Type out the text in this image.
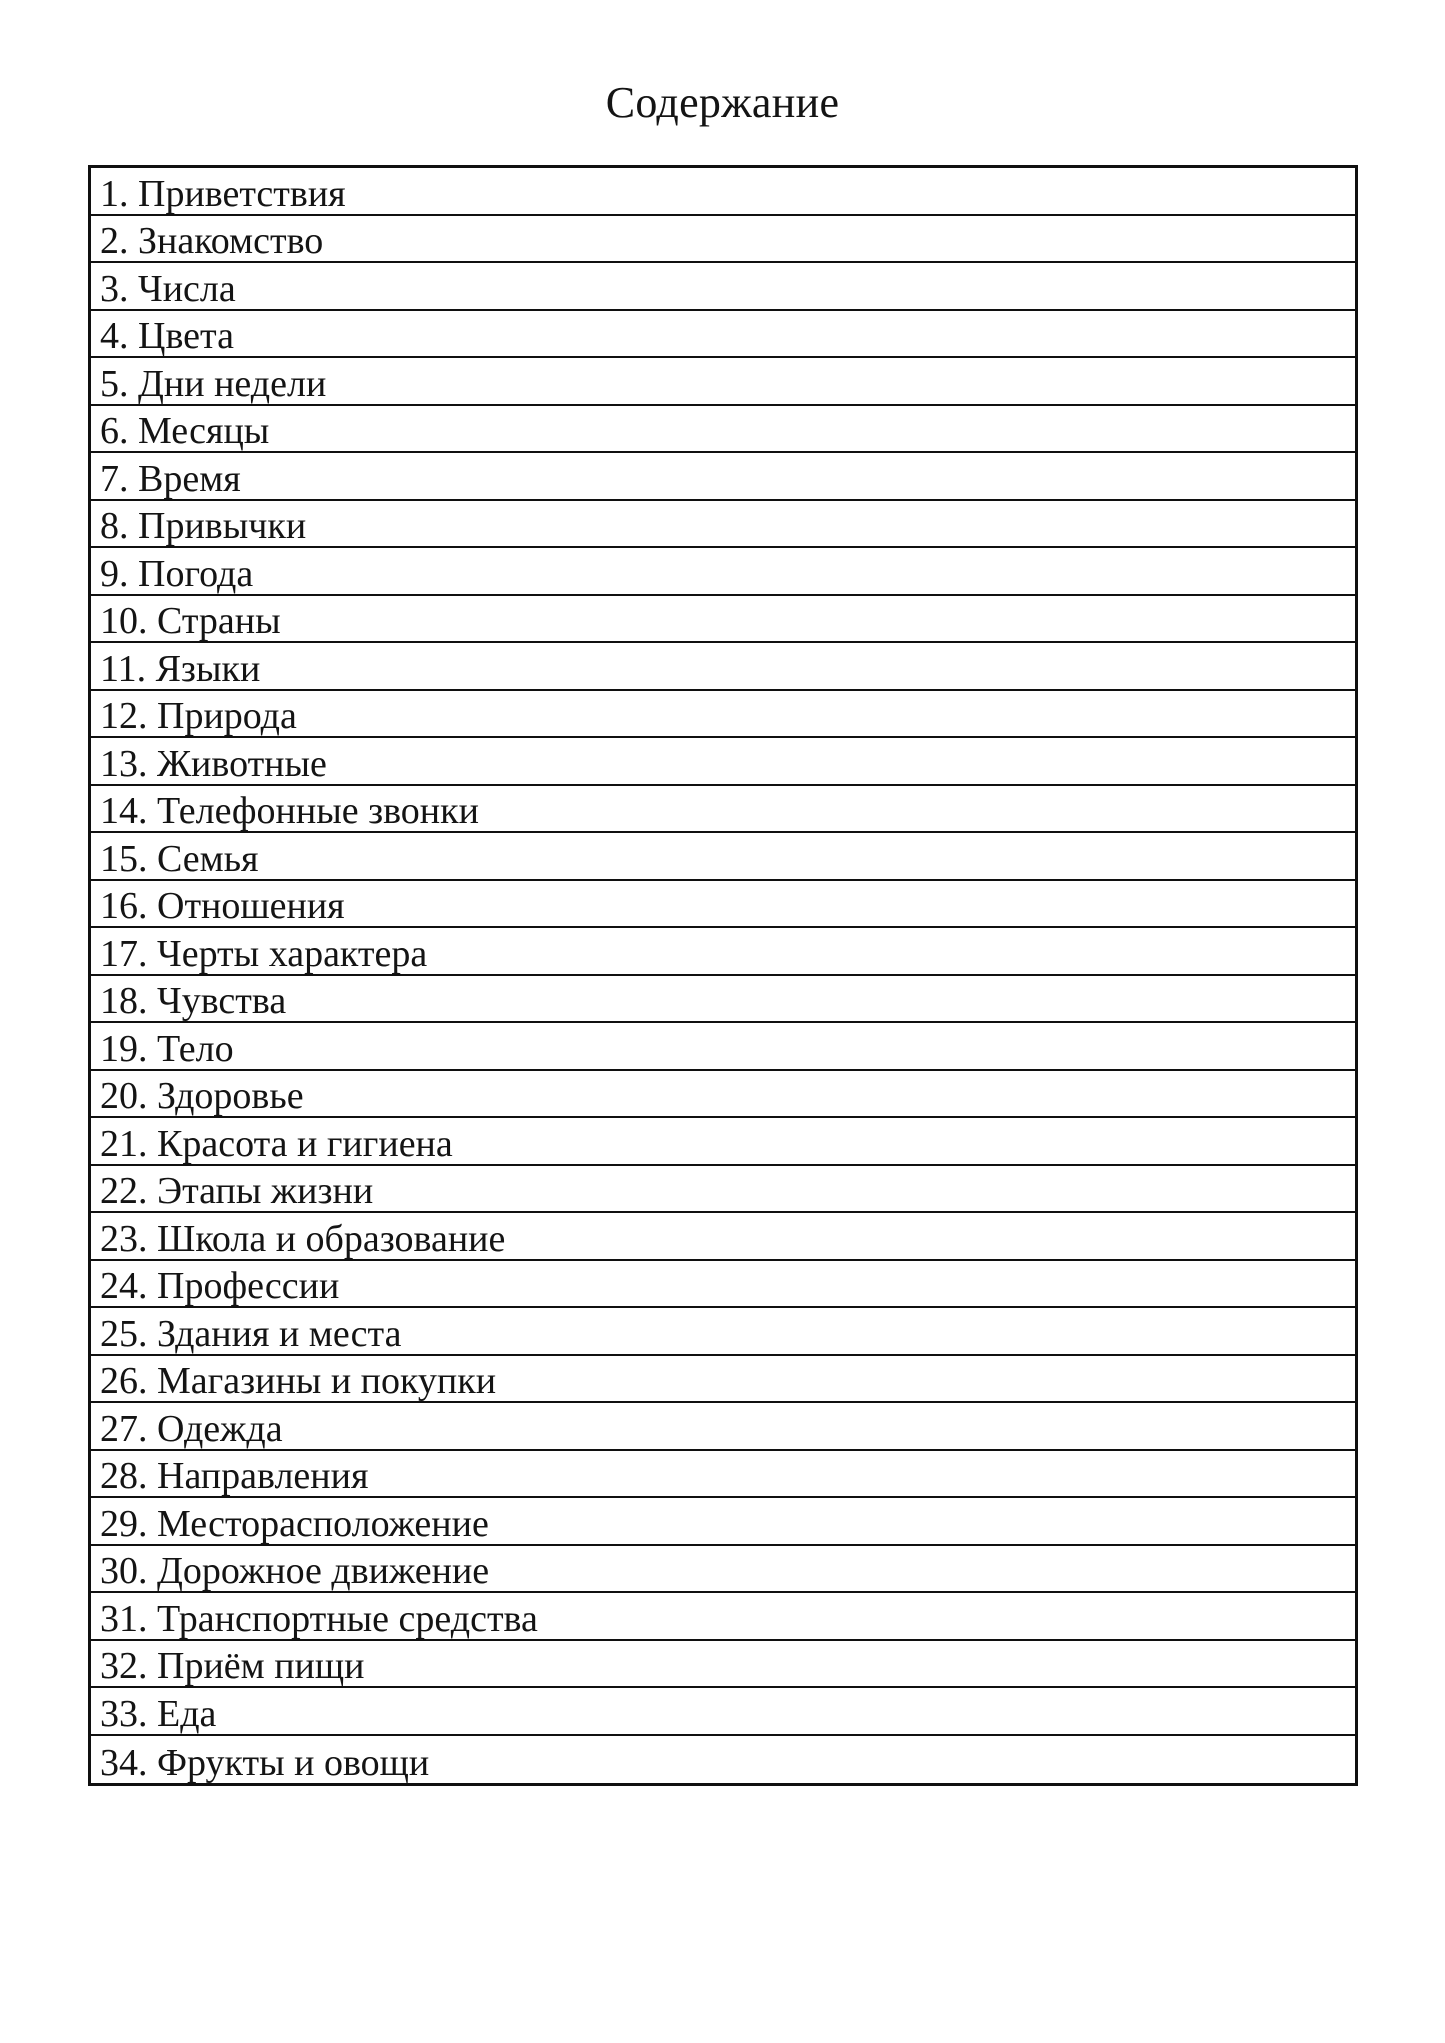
Содержание
1. Приветствия
2. Знакомство
3. Числа
4. Цвета
5. Дни недели
6. Месяцы
7. Время
8. Привычки
9. Погода
10. Страны
11. Языки
12. Природа
13. Животные
14. Телефонные звонки
15. Семья
16. Отношения
17. Черты характера
18. Чувства
19. Тело
20. Здоровье
21. Красота и гигиена
22. Этапы жизни
23. Школа и образование
24. Профессии
25. Здания и места
26. Магазины и покупки
27. Одежда
28. Направления
29. Месторасположение
30. Дорожное движение
31. Транспортные средства
32. Приём пищи
33. Еда
34. Фрукты и овощи
